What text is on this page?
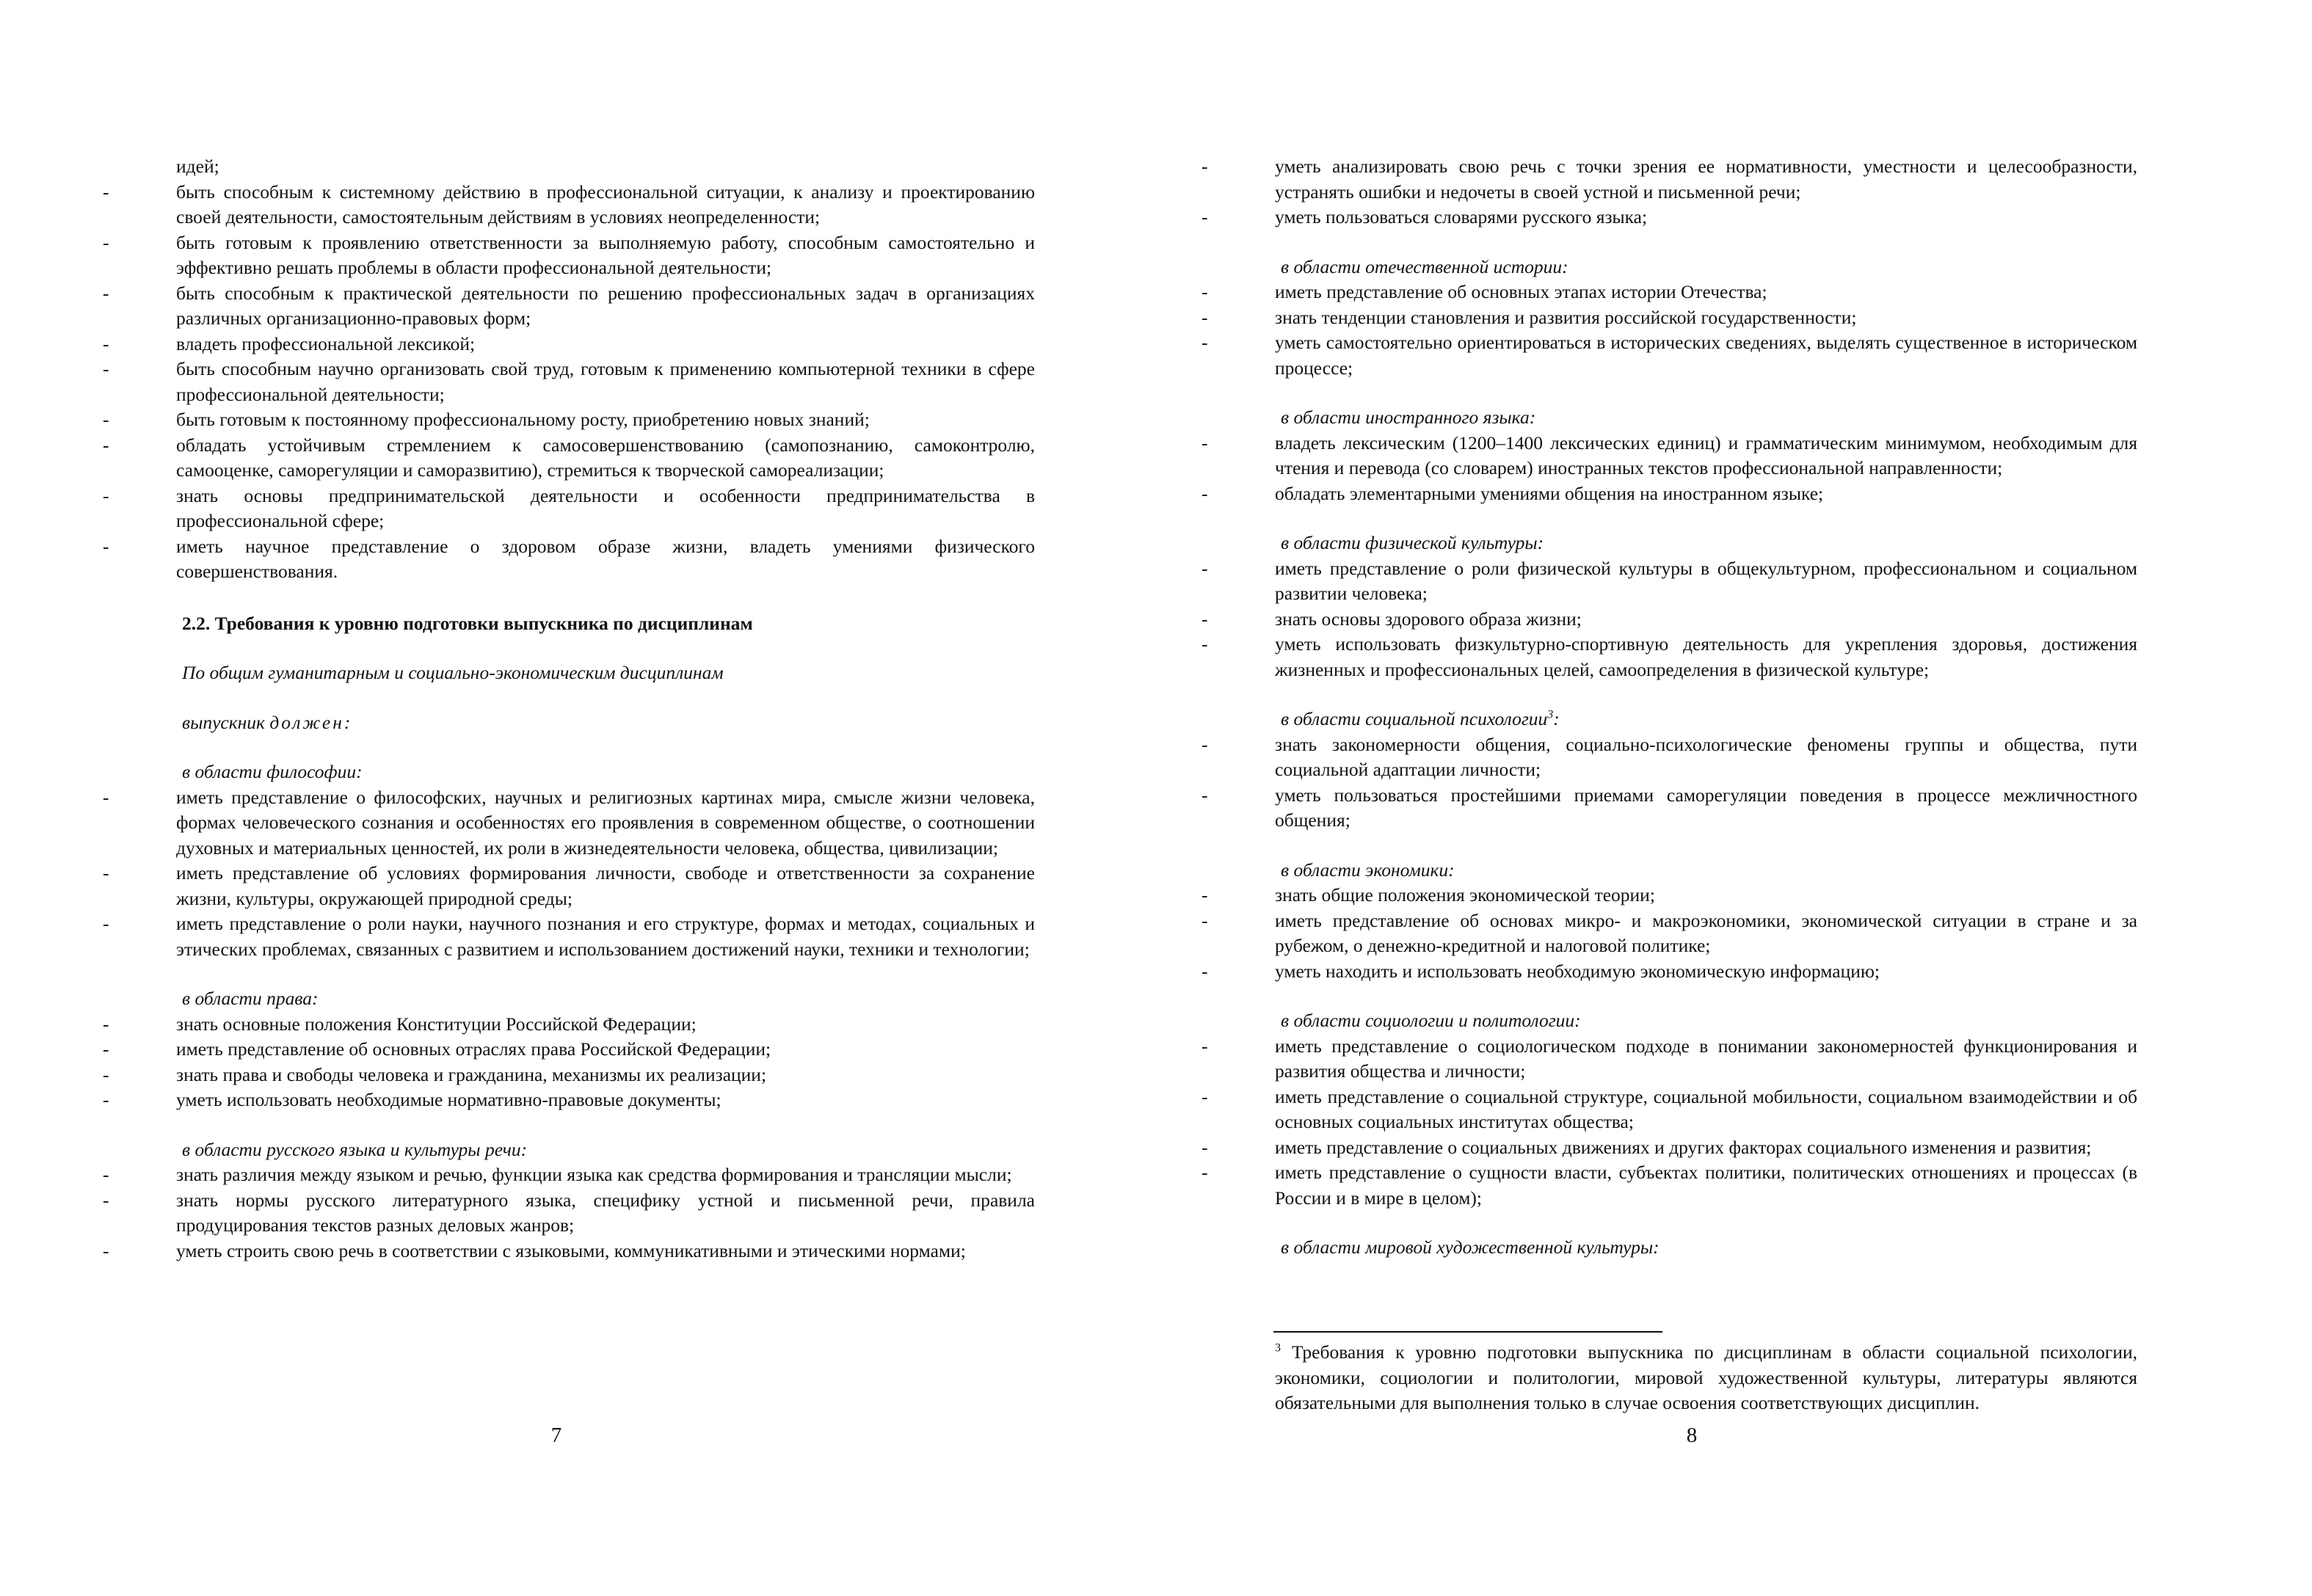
идей;

- быть способным к системному действию в профессиональной ситуации, к анализу и проектированию своей деятельности, самостоятельным действиям в условиях неопределенности;
- быть готовым к проявлению ответственности за выполняемую работу, способным самостоятельно и эффективно решать проблемы в области профессиональной деятельности;
- быть способным к практической деятельности по решению профессиональных задач в организациях различных организационно-правовых форм;
- владеть профессиональной лексикой;
- быть способным научно организовать свой труд, готовым к применению компьютерной техники в сфере профессиональной деятельности;
- быть готовым к постоянному профессиональному росту, приобретению новых знаний;
- обладать устойчивым стремлением к самосовершенствованию (самопознанию, самоконтролю, самооценке, саморегуляции и саморазвитию), стремиться к творческой самореализации;
- знать основы предпринимательской деятельности и особенности предпринимательства в профессиональной сфере;
- иметь научное представление о здоровом образе жизни, владеть умениями физического совершенствования.

2.2. Требования к уровню подготовки выпускника по дисциплинам

По общим гуманитарным и социально-экономическим дисциплинам

выпускник должен:

в области философии:

- иметь представление о философских, научных и религиозных картинах мира, смысле жизни человека, формах человеческого сознания и особенностях его проявления в современном обществе, о соотношении духовных и материальных ценностей, их роли в жизнедеятельности человека, общества, цивилизации;
- иметь представление об условиях формирования личности, свободе и ответственности за сохранение жизни, культуры, окружающей природной среды;
- иметь представление о роли науки, научного познания и его структуре, формах и методах, социальных и этических проблемах, связанных с развитием и использованием достижений науки, техники и технологии;

в области права:

- знать основные положения Конституции Российской Федерации;
- иметь представление об основных отраслях права Российской Федерации;
- знать права и свободы человека и гражданина, механизмы их реализации;
- уметь использовать необходимые нормативно-правовые документы;

в области русского языка и культуры речи:

- знать различия между языком и речью, функции языка как средства формирования и трансляции мысли;
- знать нормы русского литературного языка, специфику устной и письменной речи, правила продуцирования текстов разных деловых жанров;
- уметь строить свою речь в соответствии с языковыми, коммуникативными и этическими нормами;
7
- уметь анализировать свою речь с точки зрения ее нормативности, уместности и целесообразности, устранять ошибки и недочеты в своей устной и письменной речи;
- уметь пользоваться словарями русского языка;

в области отечественной истории:

- иметь представление об основных этапах истории Отечества;
- знать тенденции становления и развития российской государственности;
- уметь самостоятельно ориентироваться в исторических сведениях, выделять существенное в историческом процессе;

в области иностранного языка:

- владеть лексическим (1200–1400 лексических единиц) и грамматическим минимумом, необходимым для чтения и перевода (со словарем) иностранных текстов профессиональной направленности;
- обладать элементарными умениями общения на иностранном языке;

в области физической культуры:

- иметь представление о роли физической культуры в общекультурном, профессиональном и социальном развитии человека;
- знать основы здорового образа жизни;
- уметь использовать физкультурно-спортивную деятельность для укрепления здоровья, достижения жизненных и профессиональных целей, самоопределения в физической культуре;

в области социальной психологии$^3$:

- знать закономерности общения, социально-психологические феномены группы и общества, пути социальной адаптации личности;
- уметь пользоваться простейшими приемами саморегуляции поведения в процессе межличностного общения;

в области экономики:

- знать общие положения экономической теории;
- иметь представление об основах микро- и макроэкономики, экономической ситуации в стране и за рубежом, о денежно-кредитной и налоговой политике;
- уметь находить и использовать необходимую экономическую информацию;

в области социологии и политологии:

- иметь представление о социологическом подходе в понимании закономерностей функционирования и развития общества и личности;
- иметь представление о социальной структуре, социальной мобильности, социальном взаимодействии и об основных социальных институтах общества;
- иметь представление о социальных движениях и других факторах социального изменения и развития;
- иметь представление о сущности власти, субъектах политики, политических отношениях и процессах (в России и в мире в целом);

в области мировой художественной культуры:

$^3$ Требования к уровню подготовки выпускника по дисциплинам в области социальной психологии, экономики, социологии и политологии, мировой художественной культуры, литературы являются обязательными для выполнения только в случае освоения соответствующих дисциплин.
8
